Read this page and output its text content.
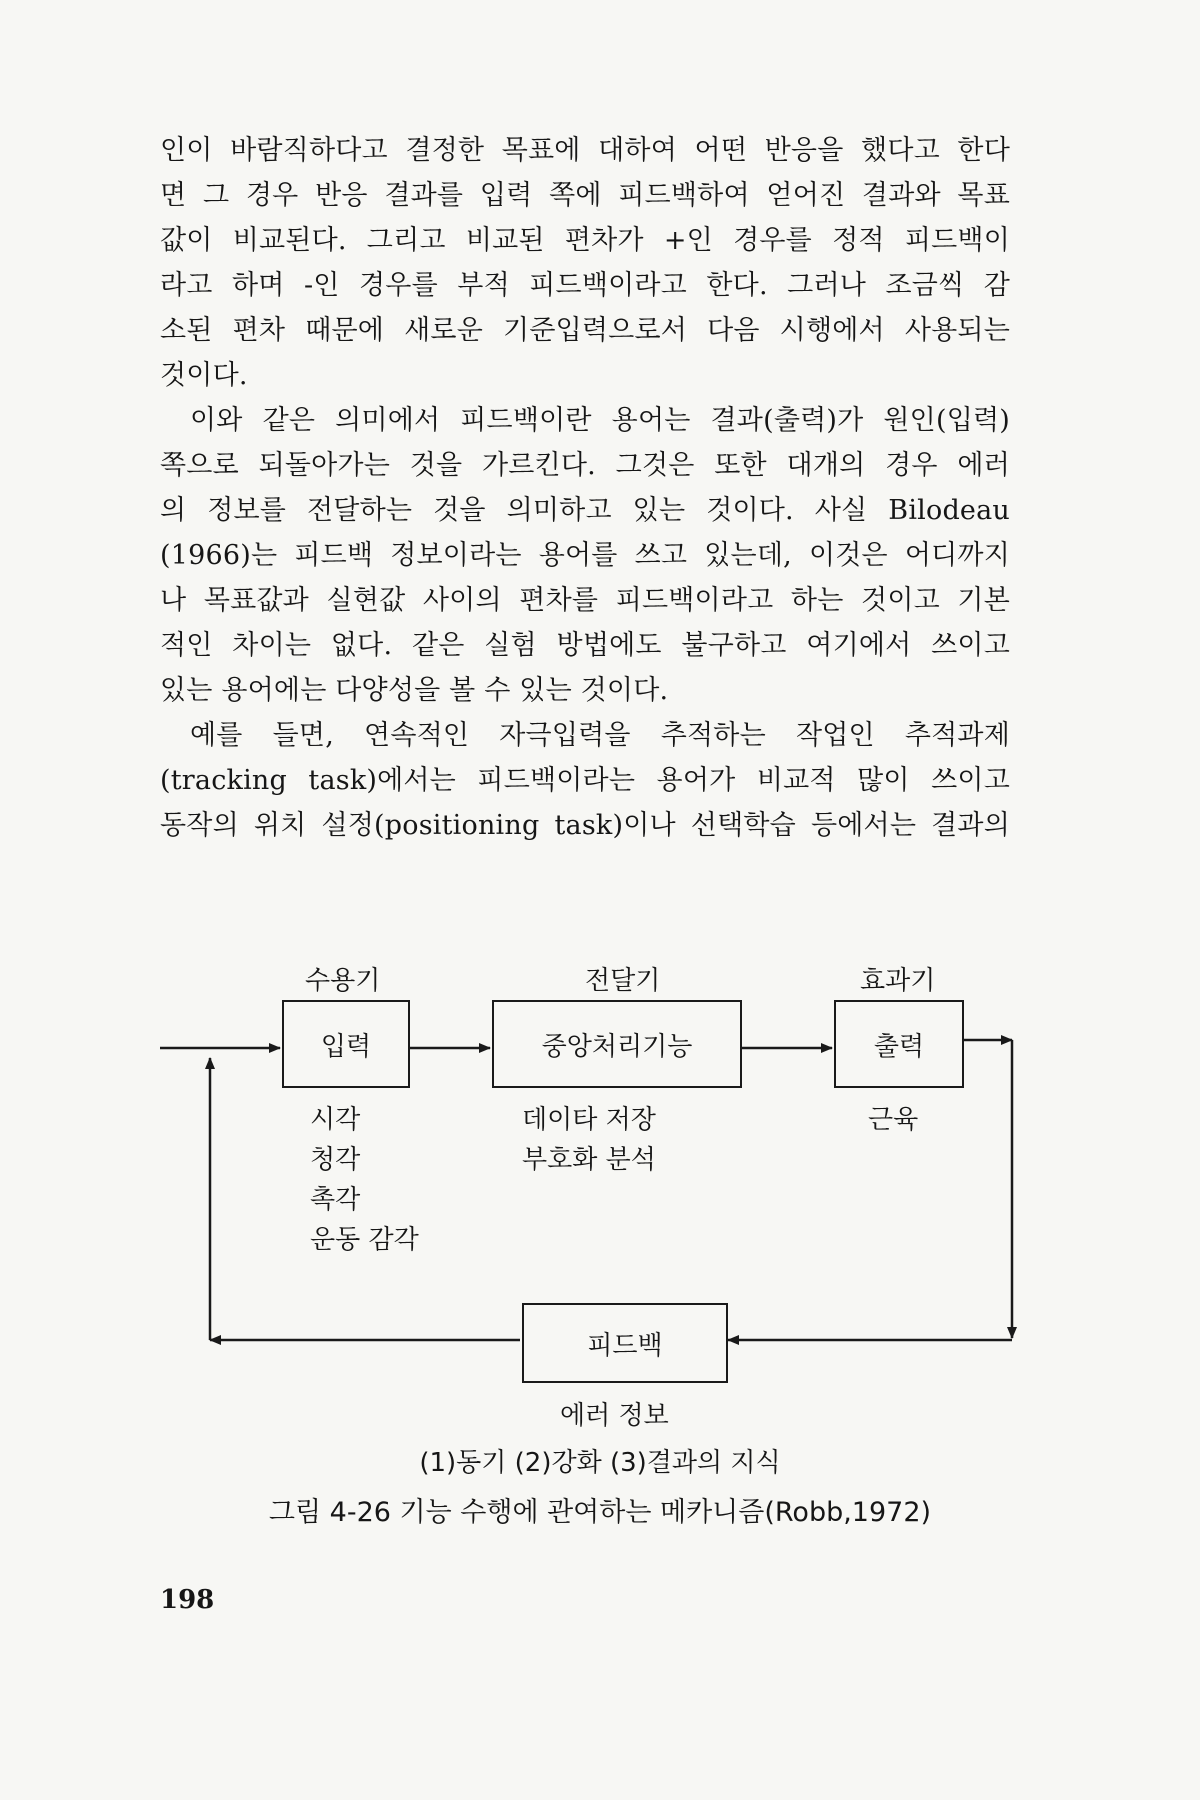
인이 바람직하다고 결정한 목표에 대하여 어떤 반응을 했다고 한다
면 그 경우 반응 결과를 입력 쪽에 피드백하여 얻어진 결과와 목표
값이 비교된다. 그리고 비교된 편차가 +인 경우를 정적 피드백이
라고 하며 -인 경우를 부적 피드백이라고 한다. 그러나 조금씩 감
소된 편차 때문에 새로운 기준입력으로서 다음 시행에서 사용되는
것이다.
이와 같은 의미에서 피드백이란 용어는 결과(출력)가 원인(입력)
쪽으로 되돌아가는 것을 가르킨다. 그것은 또한 대개의 경우 에러
의 정보를 전달하는 것을 의미하고 있는 것이다. 사실 Bilodeau
(1966)는 피드백 정보이라는 용어를 쓰고 있는데, 이것은 어디까지
나 목표값과 실현값 사이의 편차를 피드백이라고 하는 것이고 기본
적인 차이는 없다. 같은 실험 방법에도 불구하고 여기에서 쓰이고
있는 용어에는 다양성을 볼 수 있는 것이다.
예를 들면, 연속적인 자극입력을 추적하는 작업인 추적과제
(tracking task)에서는 피드백이라는 용어가 비교적 많이 쓰이고
동작의 위치 설정(positioning task)이나 선택학습 등에서는 결과의
수용기	전달기	효과기
입력	중앙처리기능	출력
시각
청각
촉각
운동 감각
데이타 저장
부호화 분석
근육
피드백
에러 정보
(1)동기 (2)강화 (3)결과의 지식
그림 4-26 기능 수행에 관여하는 메카니즘(Robb,1972)
198
